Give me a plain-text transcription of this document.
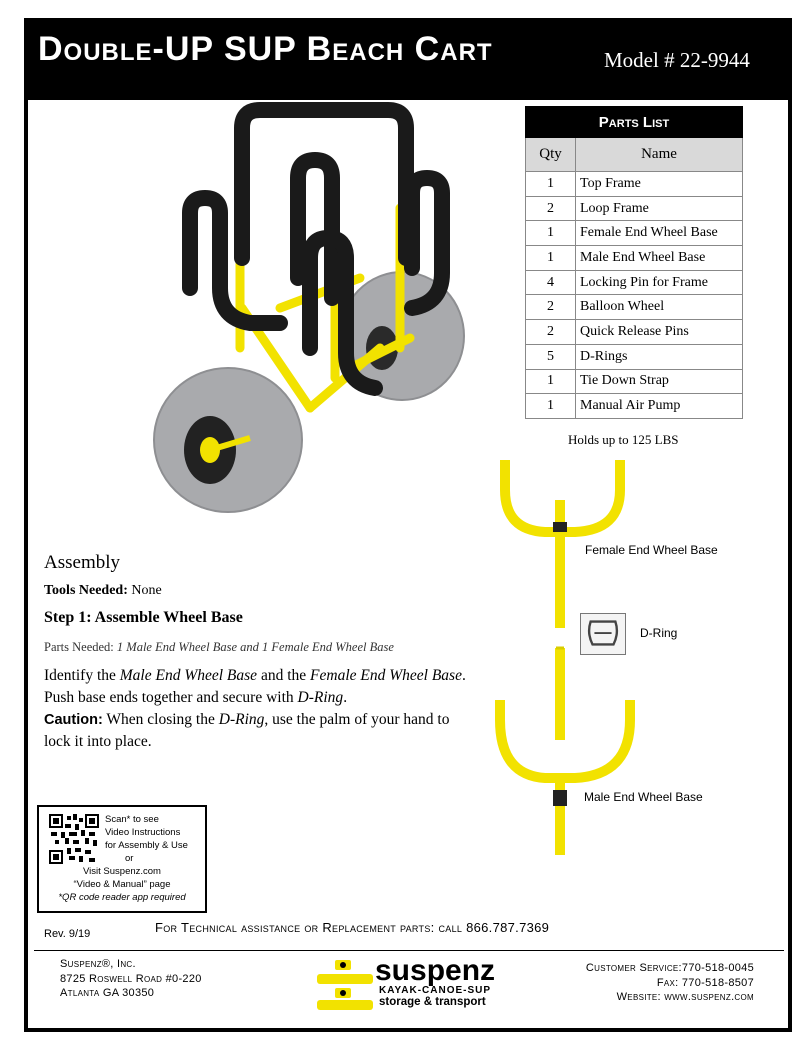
Double-UP SUP Beach Cart	Model # 22-9944
Parts List	
Qty	Name
1	Top Frame
2	Loop Frame
1	Female End Wheel Base
1	Male End Wheel Base
4	Locking Pin for Frame
2	Balloon Wheel
2	Quick Release Pins
5	D-Rings
1	Tie Down Strap
1	Manual Air Pump
Holds up to 125 LBS
Female End Wheel Base
D-Ring
Male End Wheel Base
Assembly
Tools Needed: None
Step 1: Assemble Wheel Base
Parts Needed: 1 Male End Wheel Base and 1 Female End Wheel Base
Identify the Male End Wheel Base and the Female End Wheel Base. Push base ends together and secure with D-Ring.
Caution: When closing the D-Ring, use the palm of your hand to lock it into place.
Scan* to see
Video Instructions
for Assembly & Use
or
Visit Suspenz.com
“Video & Manual” page
*QR code reader app required
Rev. 9/19	For Technical assistance or Replacement parts: call 866.787.7369
Suspenz®, Inc.
8725 Roswell Road #0-220
Atlanta GA 30350
suspenz
KAYAK-CANOE-SUP
storage & transport
Customer Service:770-518-0045
Fax: 770-518-8507
Website: www.suspenz.com
